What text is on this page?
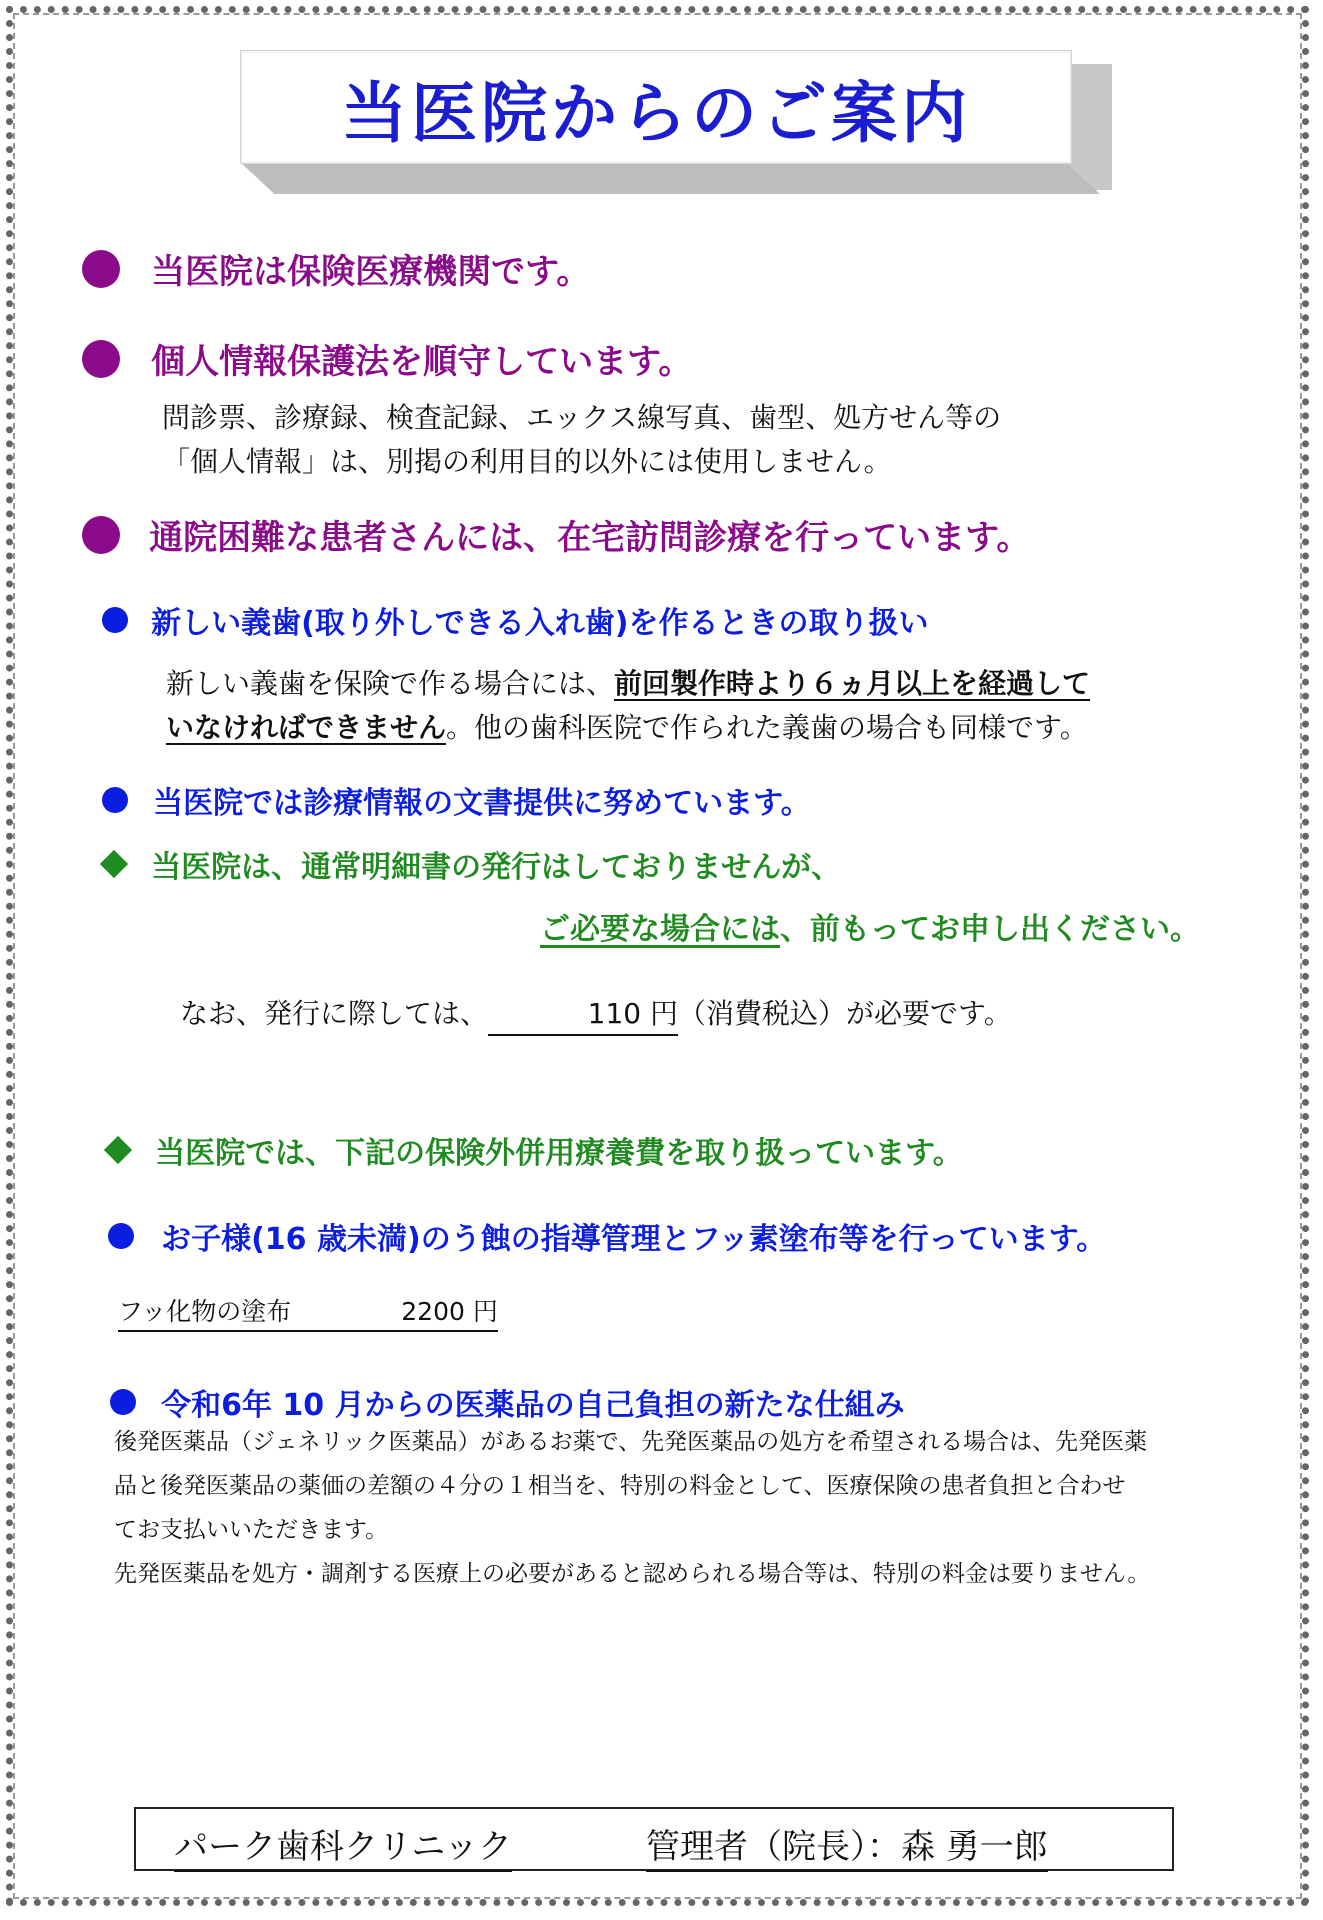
当医院からのご案内
当医院は保険医療機関です。
個人情報保護法を順守しています。
問診票、診療録、検査記録、エックス線写真、歯型、処方せん等の
「個人情報」は、別掲の利用目的以外には使用しません。
通院困難な患者さんには、在宅訪問診療を行っています。
新しい義歯(取り外しできる入れ歯)を作るときの取り扱い
新しい義歯を保険で作る場合には、前回製作時より６ヵ月以上を経過して
いなければできません。他の歯科医院で作られた義歯の場合も同様です。
当医院では診療情報の文書提供に努めています。
当医院は、通常明細書の発行はしておりませんが、
ご必要な場合には、前もってお申し出ください。
なお、発行に際しては、	110 円（消費税込）が必要です。
当医院では、下記の保険外併用療養費を取り扱っています。
お子様(16 歳未満)のう蝕の指導管理とフッ素塗布等を行っています。
フッ化物の塗布	2200 円
令和6年 10 月からの医薬品の自己負担の新たな仕組み
後発医薬品（ジェネリック医薬品）があるお薬で、先発医薬品の処方を希望される場合は、先発医薬
品と後発医薬品の薬価の差額の４分の１相当を、特別の料金として、医療保険の患者負担と合わせ
てお支払いいただきます。
先発医薬品を処方・調剤する医療上の必要があると認められる場合等は、特別の料金は要りません。
パーク歯科クリニック	管理者（院長）：森 勇一郎
